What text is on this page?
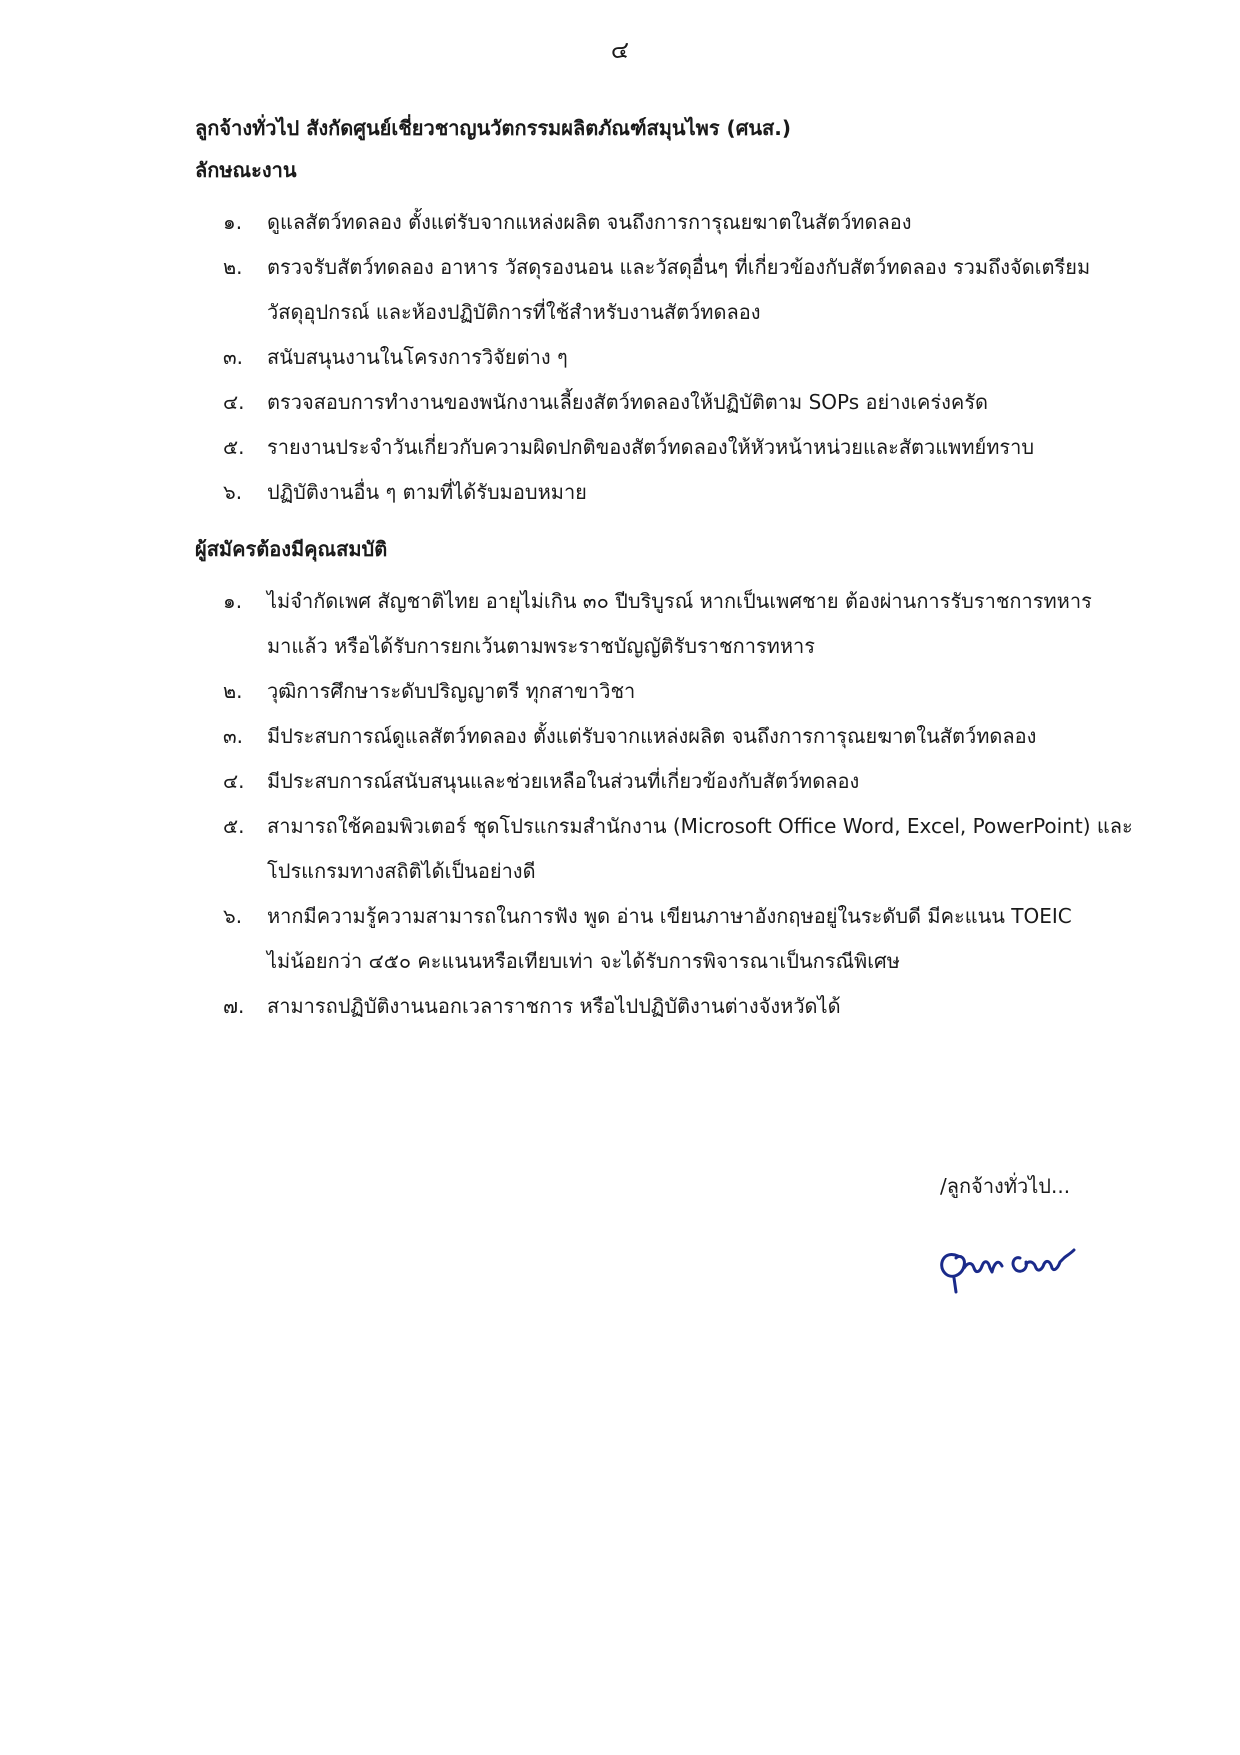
๔
ลูกจ้างทั่วไป สังกัดศูนย์เชี่ยวชาญนวัตกรรมผลิตภัณฑ์สมุนไพร (ศนส.)
ลักษณะงาน
๑. ดูแลสัตว์ทดลอง ตั้งแต่รับจากแหล่งผลิต จนถึงการการุณยฆาตในสัตว์ทดลอง
๒. ตรวจรับสัตว์ทดลอง อาหาร วัสดุรองนอน และวัสดุอื่นๆ ที่เกี่ยวข้องกับสัตว์ทดลอง รวมถึงจัดเตรียม
วัสดุอุปกรณ์ และห้องปฏิบัติการที่ใช้สำหรับงานสัตว์ทดลอง
๓. สนับสนุนงานในโครงการวิจัยต่าง ๆ
๔. ตรวจสอบการทำงานของพนักงานเลี้ยงสัตว์ทดลองให้ปฏิบัติตาม SOPs อย่างเคร่งครัด
๕. รายงานประจำวันเกี่ยวกับความผิดปกติของสัตว์ทดลองให้หัวหน้าหน่วยและสัตวแพทย์ทราบ
๖. ปฏิบัติงานอื่น ๆ ตามที่ได้รับมอบหมาย
ผู้สมัครต้องมีคุณสมบัติ
๑. ไม่จำกัดเพศ สัญชาติไทย อายุไม่เกิน ๓๐ ปีบริบูรณ์ หากเป็นเพศชาย ต้องผ่านการรับราชการทหาร
มาแล้ว หรือได้รับการยกเว้นตามพระราชบัญญัติรับราชการทหาร
๒. วุฒิการศึกษาระดับปริญญาตรี ทุกสาขาวิชา
๓. มีประสบการณ์ดูแลสัตว์ทดลอง ตั้งแต่รับจากแหล่งผลิต จนถึงการการุณยฆาตในสัตว์ทดลอง
๔. มีประสบการณ์สนับสนุนและช่วยเหลือในส่วนที่เกี่ยวข้องกับสัตว์ทดลอง
๕. สามารถใช้คอมพิวเตอร์ ชุดโปรแกรมสำนักงาน (Microsoft Office Word, Excel, PowerPoint) และ
โปรแกรมทางสถิติได้เป็นอย่างดี
๖. หากมีความรู้ความสามารถในการฟัง พูด อ่าน เขียนภาษาอังกฤษอยู่ในระดับดี มีคะแนน TOEIC
ไม่น้อยกว่า ๔๕๐ คะแนนหรือเทียบเท่า จะได้รับการพิจารณาเป็นกรณีพิเศษ
๗. สามารถปฏิบัติงานนอกเวลาราชการ หรือไปปฏิบัติงานต่างจังหวัดได้
/ลูกจ้างทั่วไป...
